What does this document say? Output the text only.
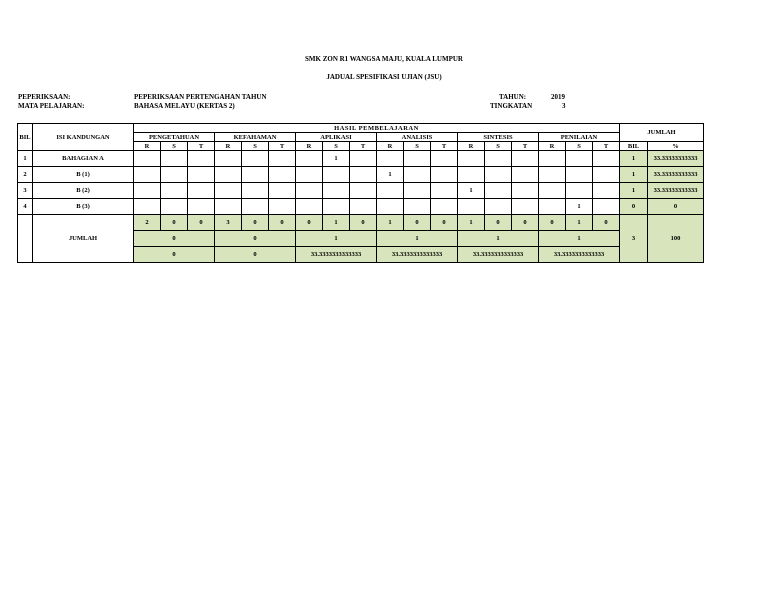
SMK ZON R1 WANGSA MAJU, KUALA LUMPUR
JADUAL SPESIFIKASI UJIAN (JSU)
PEPERIKSAAN:	PEPERIKSAAN PERTENGAHAN TAHUN	TAHUN:	2019
MATA PELAJARAN:	BAHASA MELAYU (KERTAS 2)	TINGKATAN	3
BIL	ISI KANDUNGAN	HASIL PEMBELAJARAN																		JUMLAH	
		PENGETAHUAN			KEFAHAMAN			APLIKASI			ANALISIS			SINTESIS			PENILAIAN				
		R	S	T	R	S	T	R	S	T	R	S	T	R	S	T	R	S	T	BIL	%
1	BAHAGIAN A								1											1	33.33333333333
2	B (1)										1									1	33.33333333333
3	B (2)													1						1	33.33333333333
4	B (3)																	1		0	0
	JUMLAH	2	0	0	3	0	0	0	1	0	1	0	0	1	0	0	0	1	0	3	100
		0			0			1			1			1			1				
		0			0			33.3333333333333			33.3333333333333			33.3333333333333			33.3333333333333				
